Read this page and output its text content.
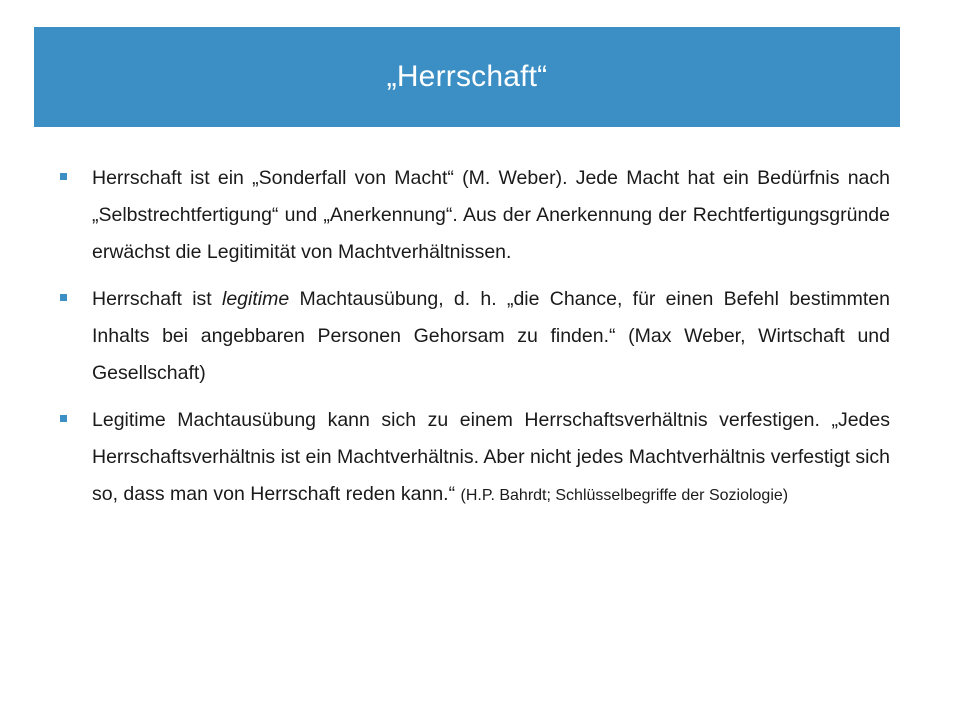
„Herrschaft“
Herrschaft ist ein „Sonderfall von Macht“ (M. Weber). Jede Macht hat ein Bedürfnis nach „Selbstrechtfertigung“ und „Anerkennung“. Aus der Anerkennung der Rechtfertigungsgründe erwächst die Legitimität von Machtverhältnissen.
Herrschaft ist legitime Machtausübung, d. h. „die Chance, für einen Befehl bestimmten Inhalts bei angebbaren Personen Gehorsam zu finden.“ (Max Weber, Wirtschaft und Gesellschaft)
Legitime Machtausübung kann sich zu einem Herrschaftsverhältnis verfestigen. „Jedes Herrschaftsverhältnis ist ein Machtverhältnis. Aber nicht jedes Machtverhältnis verfestigt sich so, dass man von Herrschaft reden kann.“ (H.P. Bahrdt; Schlüsselbegriffe der Soziologie)
